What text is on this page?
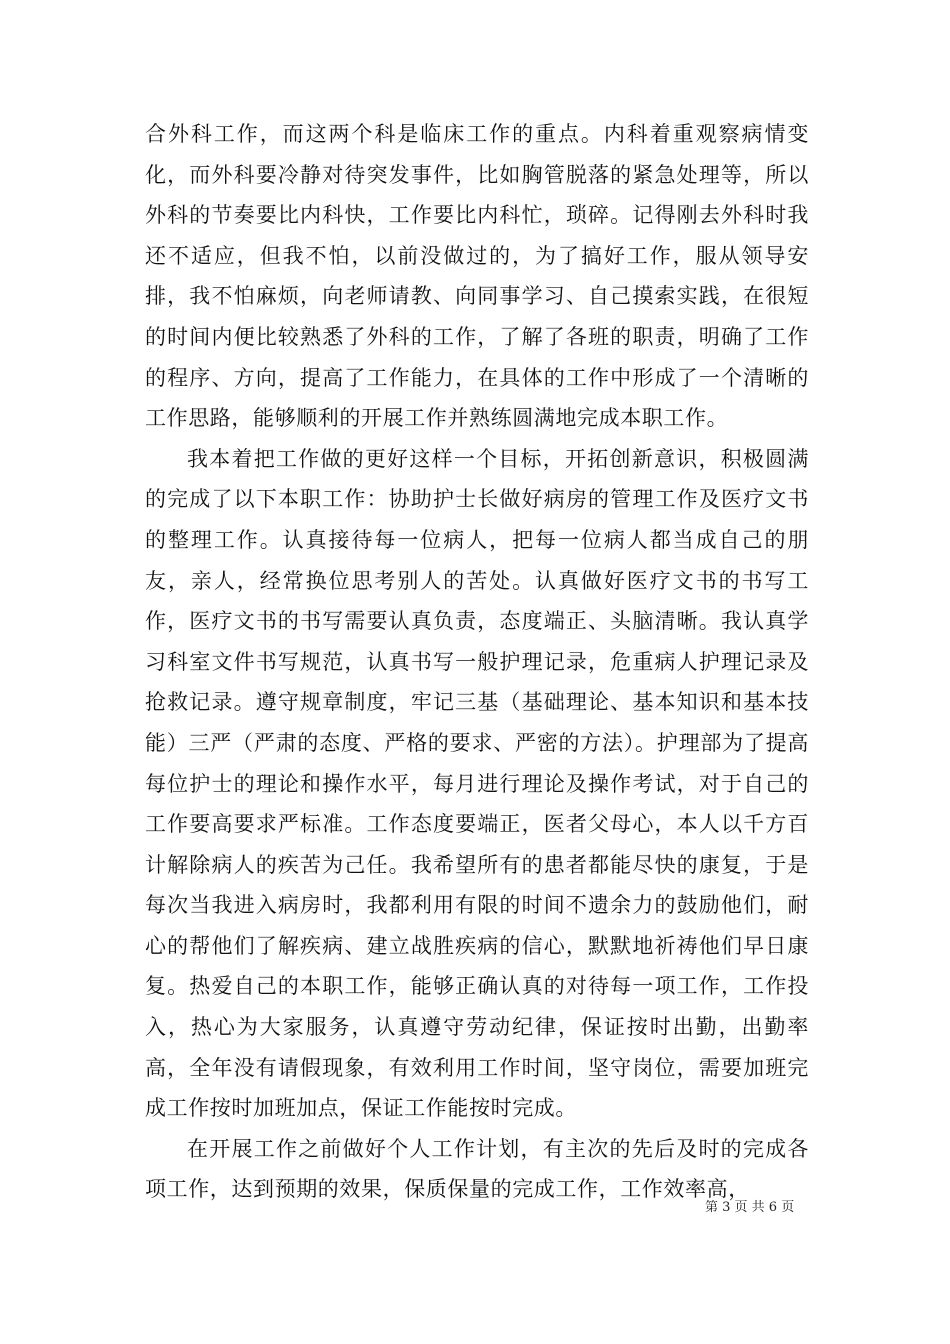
合外科工作，而这两个科是临床工作的重点。内科着重观察病情变化，而外科要冷静对待突发事件，比如胸管脱落的紧急处理等，所以外科的节奏要比内科快，工作要比内科忙，琐碎。记得刚去外科时我还不适应，但我不怕，以前没做过的，为了搞好工作，服从领导安排，我不怕麻烦，向老师请教、向同事学习、自己摸索实践，在很短的时间内便比较熟悉了外科的工作，了解了各班的职责，明确了工作的程序、方向，提高了工作能力，在具体的工作中形成了一个清晰的工作思路，能够顺利的开展工作并熟练圆满地完成本职工作。

我本着把工作做的更好这样一个目标，开拓创新意识，积极圆满的完成了以下本职工作：协助护士长做好病房的管理工作及医疗文书的整理工作。认真接待每一位病人，把每一位病人都当成自己的朋友，亲人，经常换位思考别人的苦处。认真做好医疗文书的书写工作，医疗文书的书写需要认真负责，态度端正、头脑清晰。我认真学习科室文件书写规范，认真书写一般护理记录，危重病人护理记录及抢救记录。遵守规章制度，牢记三基（基础理论、基本知识和基本技能）三严（严肃的态度、严格的要求、严密的方法）。护理部为了提高每位护士的理论和操作水平，每月进行理论及操作考试，对于自己的工作要高要求严标准。工作态度要端正，医者父母心，本人以千方百计解除病人的疾苦为己任。我希望所有的患者都能尽快的康复，于是每次当我进入病房时，我都利用有限的时间不遗余力的鼓励他们，耐心的帮他们了解疾病、建立战胜疾病的信心，默默地祈祷他们早日康复。热爱自己的本职工作，能够正确认真的对待每一项工作，工作投入，热心为大家服务，认真遵守劳动纪律，保证按时出勤，出勤率高，全年没有请假现象，有效利用工作时间，坚守岗位，需要加班完成工作按时加班加点，保证工作能按时完成。

在开展工作之前做好个人工作计划，有主次的先后及时的完成各项工作，达到预期的效果，保质保量的完成工作，工作效率高，

第 3 页 共 6 页
